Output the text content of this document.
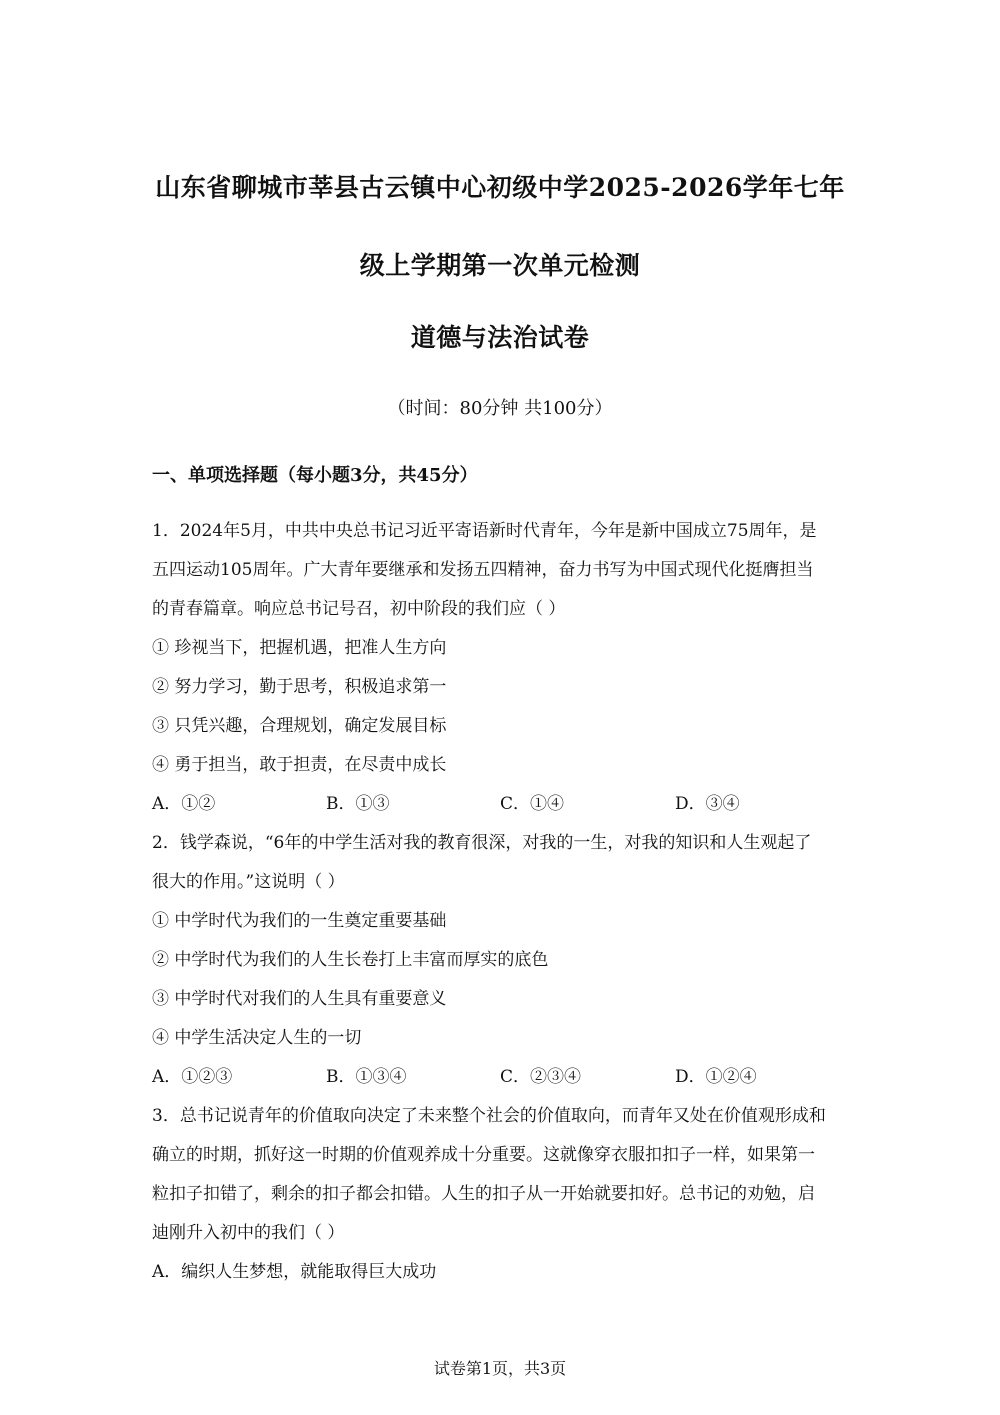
山东省聊城市莘县古云镇中心初级中学2025-2026学年七年
级上学期第一次单元检测
道德与法治试卷
（时间：80分钟 共100分）
一、单项选择题（每小题3分，共45分）
1．2024年5月，中共中央总书记习近平寄语新时代青年，今年是新中国成立75周年，是
五四运动105周年。广大青年要继承和发扬五四精神，奋力书写为中国式现代化挺膺担当
的青春篇章。响应总书记号召，初中阶段的我们应（ ）
① 珍视当下，把握机遇，把准人生方向
② 努力学习，勤于思考，积极追求第一
③ 只凭兴趣，合理规划，确定发展目标
④ 勇于担当，敢于担责，在尽责中成长
A．①②	B．①③	C．①④	D．③④
2．钱学森说，“6年的中学生活对我的教育很深，对我的一生，对我的知识和人生观起了
很大的作用。”这说明（ ）
① 中学时代为我们的一生奠定重要基础
② 中学时代为我们的人生长卷打上丰富而厚实的底色
③ 中学时代对我们的人生具有重要意义
④ 中学生活决定人生的一切
A．①②③	B．①③④	C．②③④	D．①②④
3．总书记说青年的价值取向决定了未来整个社会的价值取向，而青年又处在价值观形成和
确立的时期，抓好这一时期的价值观养成十分重要。这就像穿衣服扣扣子一样，如果第一
粒扣子扣错了，剩余的扣子都会扣错。人生的扣子从一开始就要扣好。总书记的劝勉，启
迪刚升入初中的我们（ ）
A．编织人生梦想，就能取得巨大成功
试卷第1页，共3页
